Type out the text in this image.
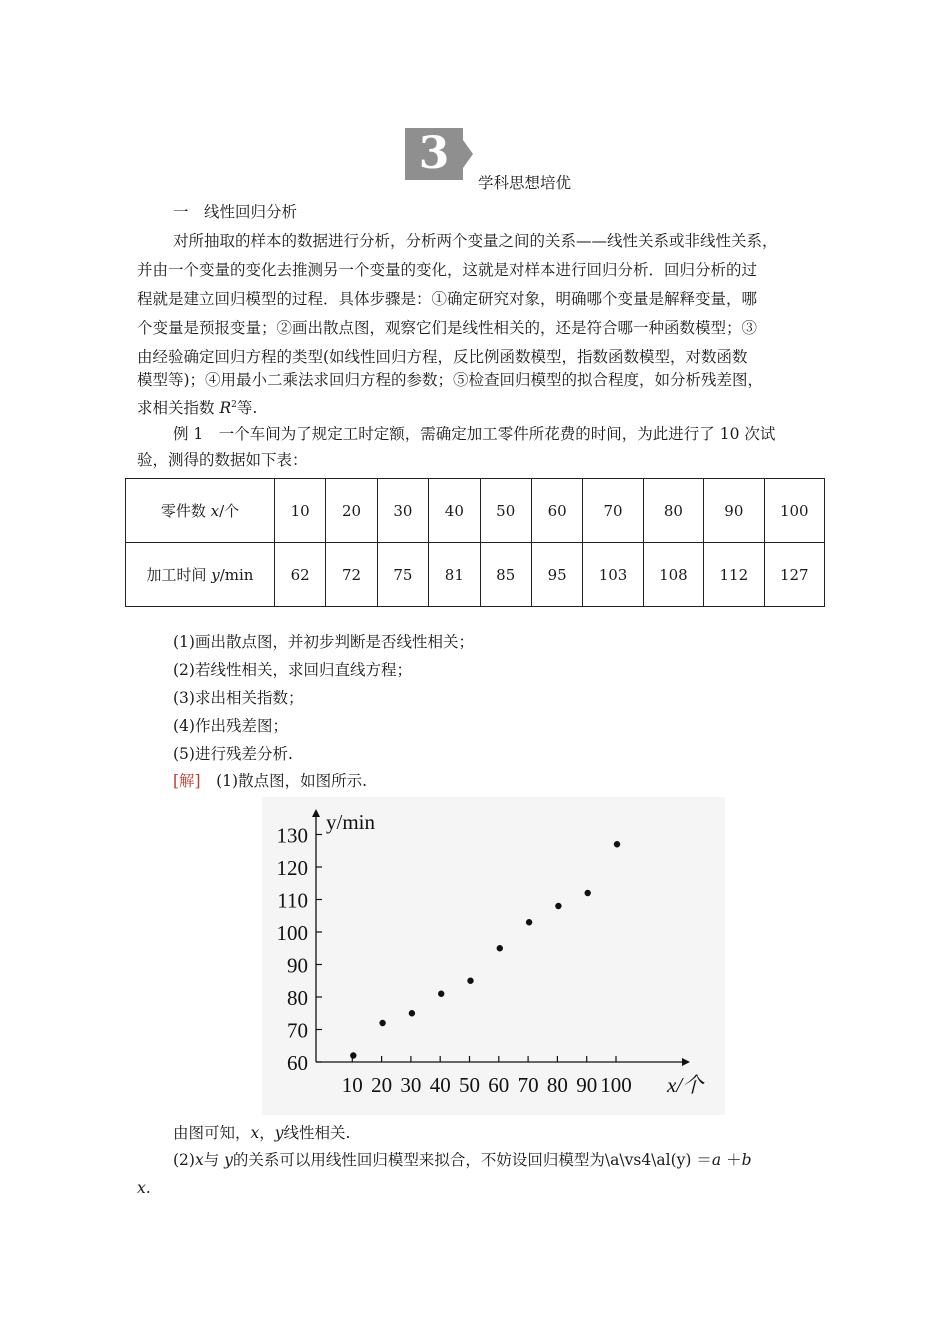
3
学科思想培优
一　线性回归分析
对所抽取的样本的数据进行分析，分析两个变量之间的关系——线性关系或非线性关系，
并由一个变量的变化去推测另一个变量的变化，这就是对样本进行回归分析．回归分析的过
程就是建立回归模型的过程．具体步骤是：①确定研究对象，明确哪个变量是解释变量，哪
个变量是预报变量；②画出散点图，观察它们是线性相关的，还是符合哪一种函数模型；③
由经验确定回归方程的类型(如线性回归方程，反比例函数模型，指数函数模型，对数函数
模型等)；④用最小二乘法求回归方程的参数；⑤检查回归模型的拟合程度，如分析残差图，
求相关指数 $R^2$等.
例 1　一个车间为了规定工时定额，需确定加工零件所花费的时间，为此进行了 10 次试
验，测得的数据如下表：
零件数 x/个	10	20	30	40	50	60	70	80	90	100
加工时间 y/min	62	72	75	81	85	95	103	108	112	127
(1)画出散点图，并初步判断是否线性相关；
(2)若线性相关，求回归直线方程；
(3)求出相关指数；
(4)作出残差图；
(5)进行残差分析.
[解]　(1)散点图，如图所示.
y/min
x/个
60
70
80
90
100
110
120
130
10 20 30 40 50 60 70 80 90 100
由图可知，x，y线性相关.
(2)x与 y的关系可以用线性回归模型来拟合，不妨设回归模型为\a\vs4\al(y) ＝a ＋b
x.
